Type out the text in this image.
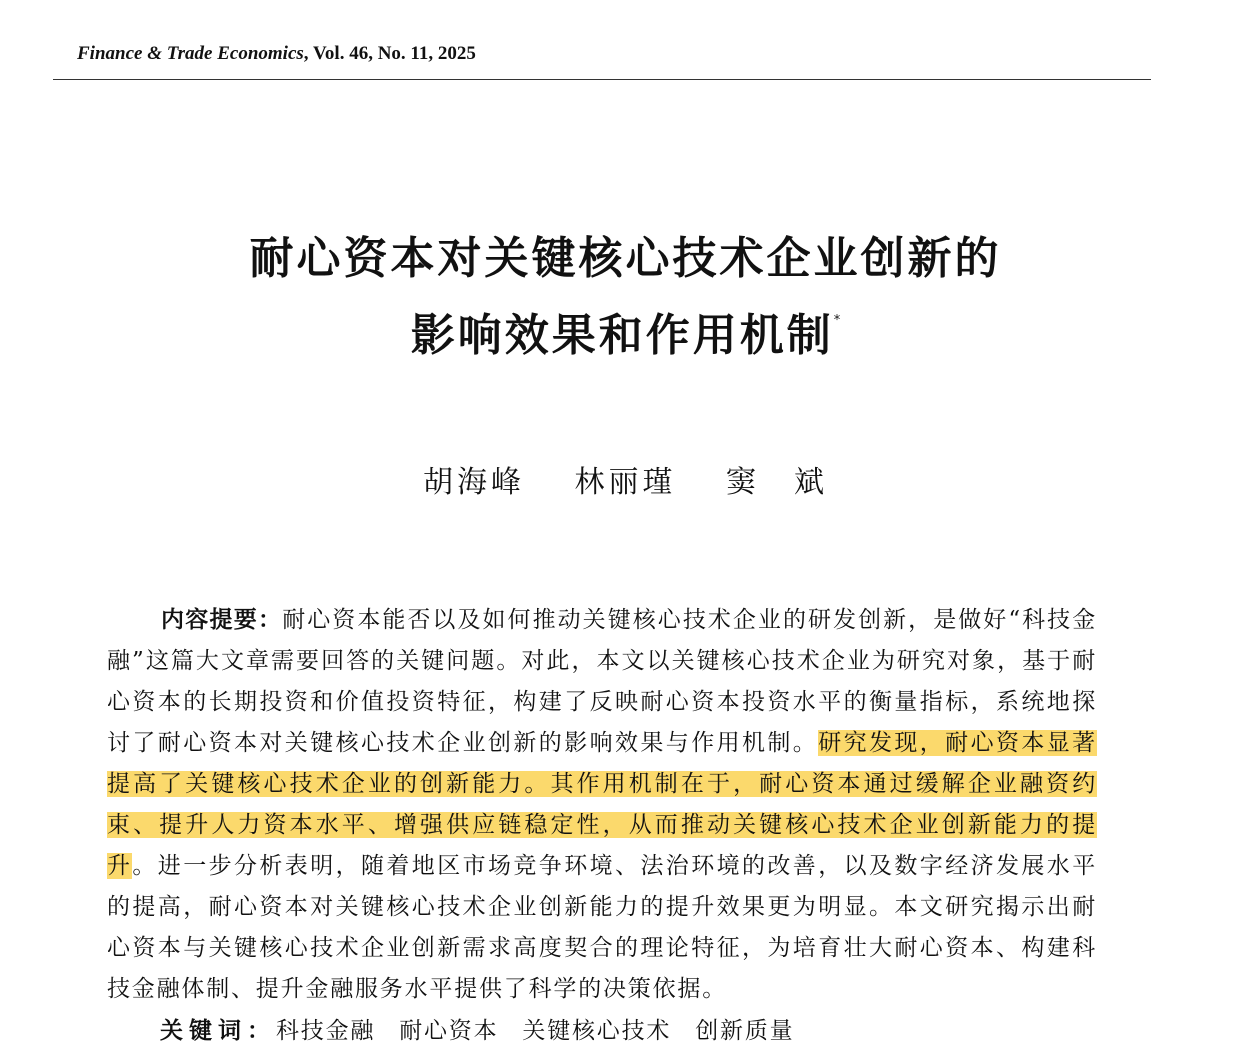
Finance & Trade Economics, Vol. 46, No. 11, 2025
耐心资本对关键核心技术企业创新的
影响效果和作用机制*
胡海峰 林丽瑾 窦　斌
内容提要：耐心资本能否以及如何推动关键核心技术企业的研发创新，是做好“科技金融”这篇大文章需要回答的关键问题。对此，本文以关键核心技术企业为研究对象，基于耐心资本的长期投资和价值投资特征，构建了反映耐心资本投资水平的衡量指标，系统地探讨了耐心资本对关键核心技术企业创新的影响效果与作用机制。研究发现，耐心资本显著提高了关键核心技术企业的创新能力。其作用机制在于，耐心资本通过缓解企业融资约束、提升人力资本水平、增强供应链稳定性，从而推动关键核心技术企业创新能力的提升。进一步分析表明，随着地区市场竞争环境、法治环境的改善，以及数字经济发展水平的提高，耐心资本对关键核心技术企业创新能力的提升效果更为明显。本文研究揭示出耐心资本与关键核心技术企业创新需求高度契合的理论特征，为培育壮大耐心资本、构建科技金融体制、提升金融服务水平提供了科学的决策依据。
关键词：科技金融 耐心资本 关键核心技术 创新质量
